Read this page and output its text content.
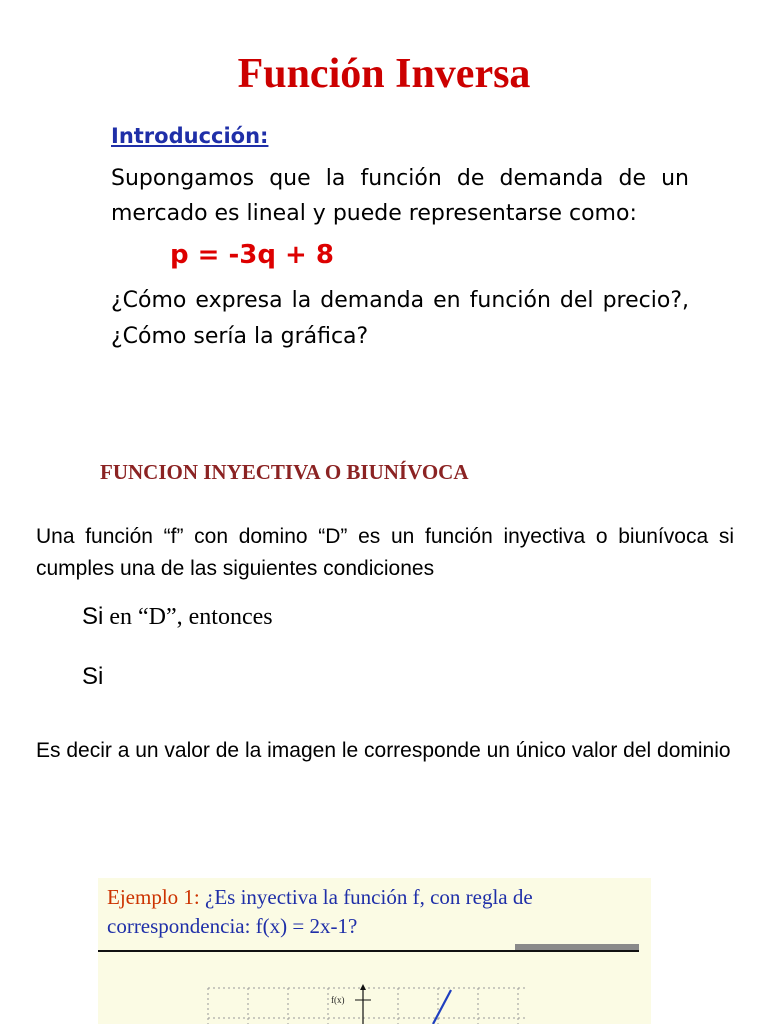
Función Inversa
Introducción:
Supongamos que la función de demanda de un mercado es lineal y puede representarse como:
p = -3q + 8
¿Cómo expresa la demanda en función del precio?, ¿Cómo sería la gráfica?
FUNCION INYECTIVA O BIUNÍVOCA
Una función “f” con domino “D” es un función inyectiva o biunívoca si cumples una de las siguientes condiciones
Si en “D”, entonces
Si
Es decir a un valor de la imagen le corresponde un único valor del dominio
Ejemplo 1: ¿Es inyectiva la función f, con regla de correspondencia: f(x) = 2x-1?
f(x)
